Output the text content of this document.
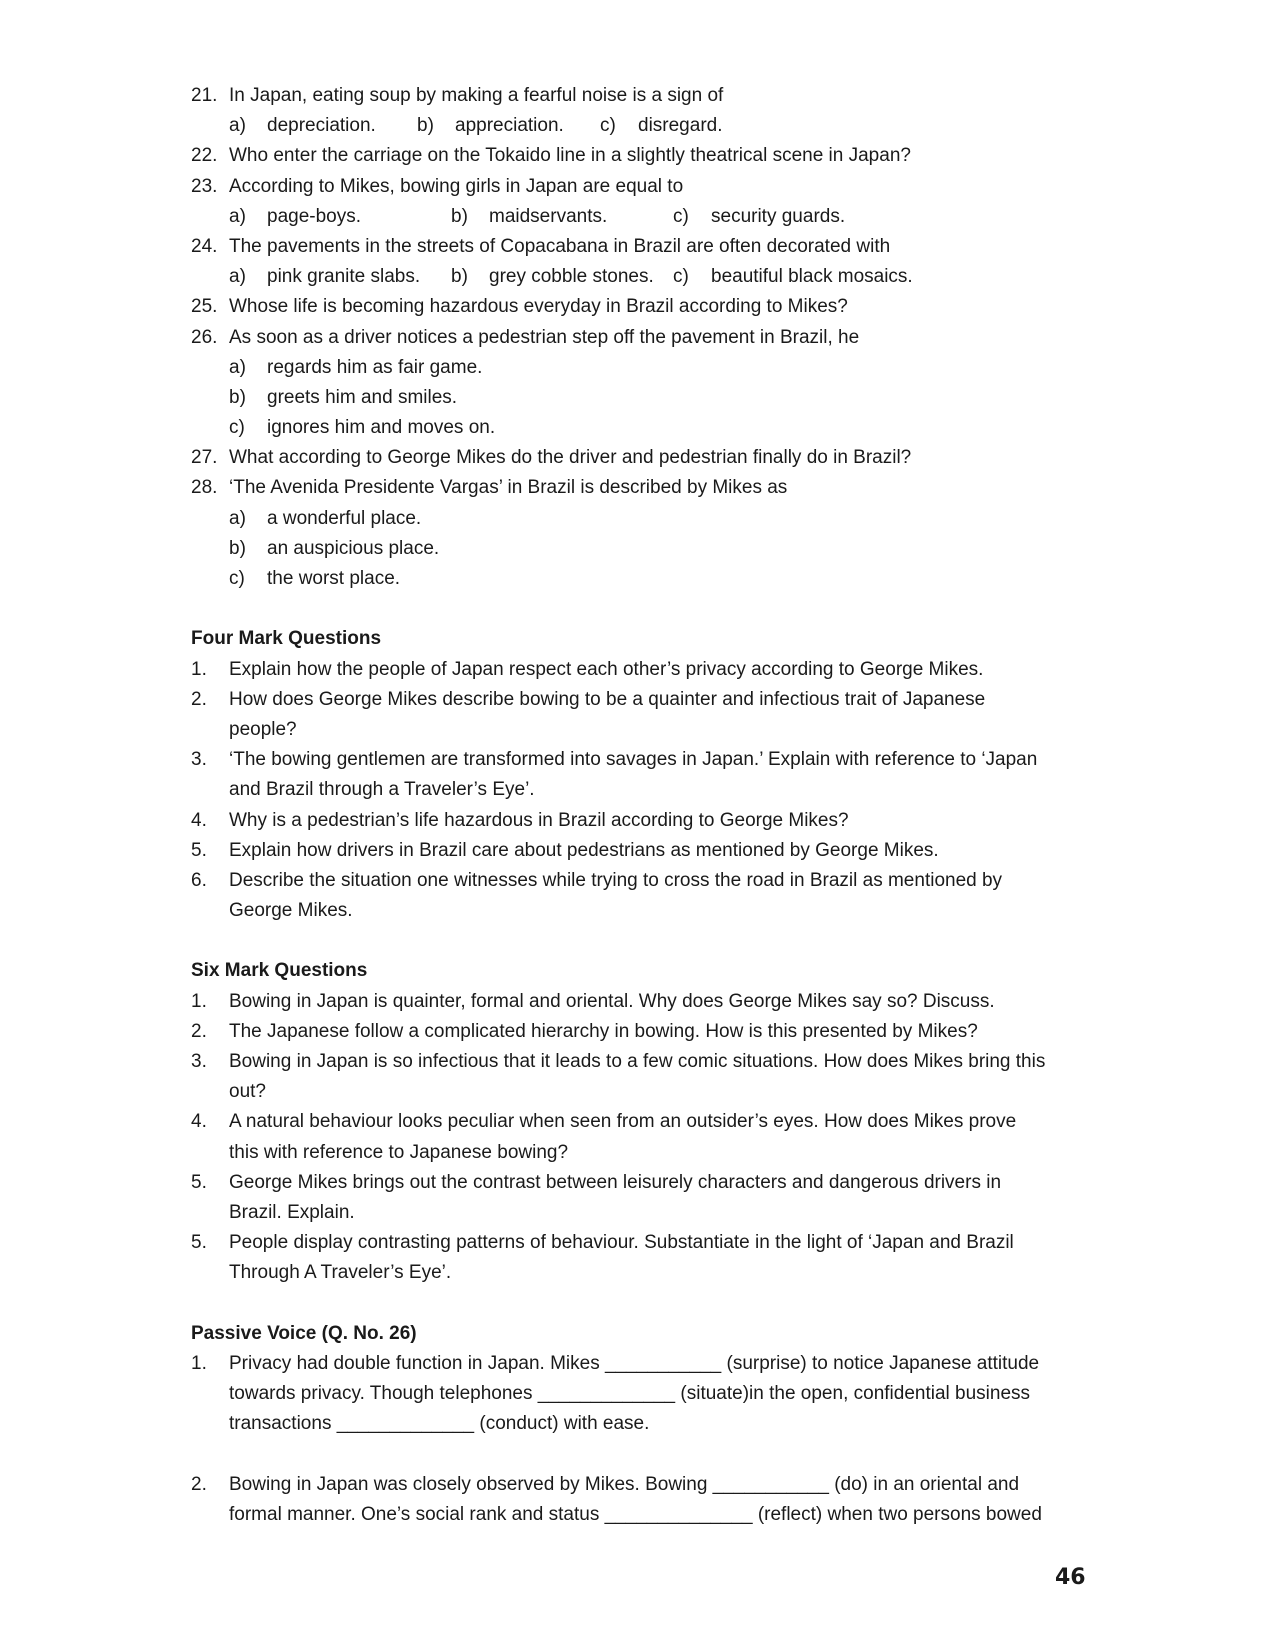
21. In Japan, eating soup by making a fearful noise is a sign of
a) depreciation. b) appreciation. c) disregard.
22. Who enter the carriage on the Tokaido line in a slightly theatrical scene in Japan?
23. According to Mikes, bowing girls in Japan are equal to
a) page-boys.	b) maidservants.	c) security guards.
24. The pavements in the streets of Copacabana in Brazil are often decorated with
a) pink granite slabs. b) grey cobble stones. c) beautiful black mosaics.
25. Whose life is becoming hazardous everyday in Brazil according to Mikes?
26. As soon as a driver notices a pedestrian step off the pavement in Brazil, he
a) regards him as fair game.
b) greets him and smiles.
c) ignores him and moves on.
27. What according to George Mikes do the driver and pedestrian finally do in Brazil?
28. ‘The Avenida Presidente Vargas’ in Brazil is described by Mikes as
a) a wonderful place.
b) an auspicious place.
c) the worst place.
Four Mark Questions
1. Explain how the people of Japan respect each other’s privacy according to George Mikes.
2. How does George Mikes describe bowing to be a quainter and infectious trait of Japanese
people?
3. ‘The bowing gentlemen are transformed into savages in Japan.’ Explain with reference to ‘Japan
and Brazil through a Traveler’s Eye’.
4. Why is a pedestrian’s life hazardous in Brazil according to George Mikes?
5. Explain how drivers in Brazil care about pedestrians as mentioned by George Mikes.
6. Describe the situation one witnesses while trying to cross the road in Brazil as mentioned by
George Mikes.
Six Mark Questions
1. Bowing in Japan is quainter, formal and oriental. Why does George Mikes say so? Discuss.
2. The Japanese follow a complicated hierarchy in bowing. How is this presented by Mikes?
3. Bowing in Japan is so infectious that it leads to a few comic situations. How does Mikes bring this
out?
4. A natural behaviour looks peculiar when seen from an outsider’s eyes. How does Mikes prove
this with reference to Japanese bowing?
5. George Mikes brings out the contrast between leisurely characters and dangerous drivers in
Brazil. Explain.
5. People display contrasting patterns of behaviour. Substantiate in the light of ‘Japan and Brazil
Through A Traveler’s Eye’.
Passive Voice (Q. No. 26)
1. Privacy had double function in Japan. Mikes ___________ (surprise) to notice Japanese attitude
towards privacy. Though telephones _____________ (situate)in the open, confidential business
transactions _____________ (conduct) with ease.
2. Bowing in Japan was closely observed by Mikes. Bowing ___________ (do) in an oriental and
formal manner. One’s social rank and status ______________ (reflect) when two persons bowed
46
